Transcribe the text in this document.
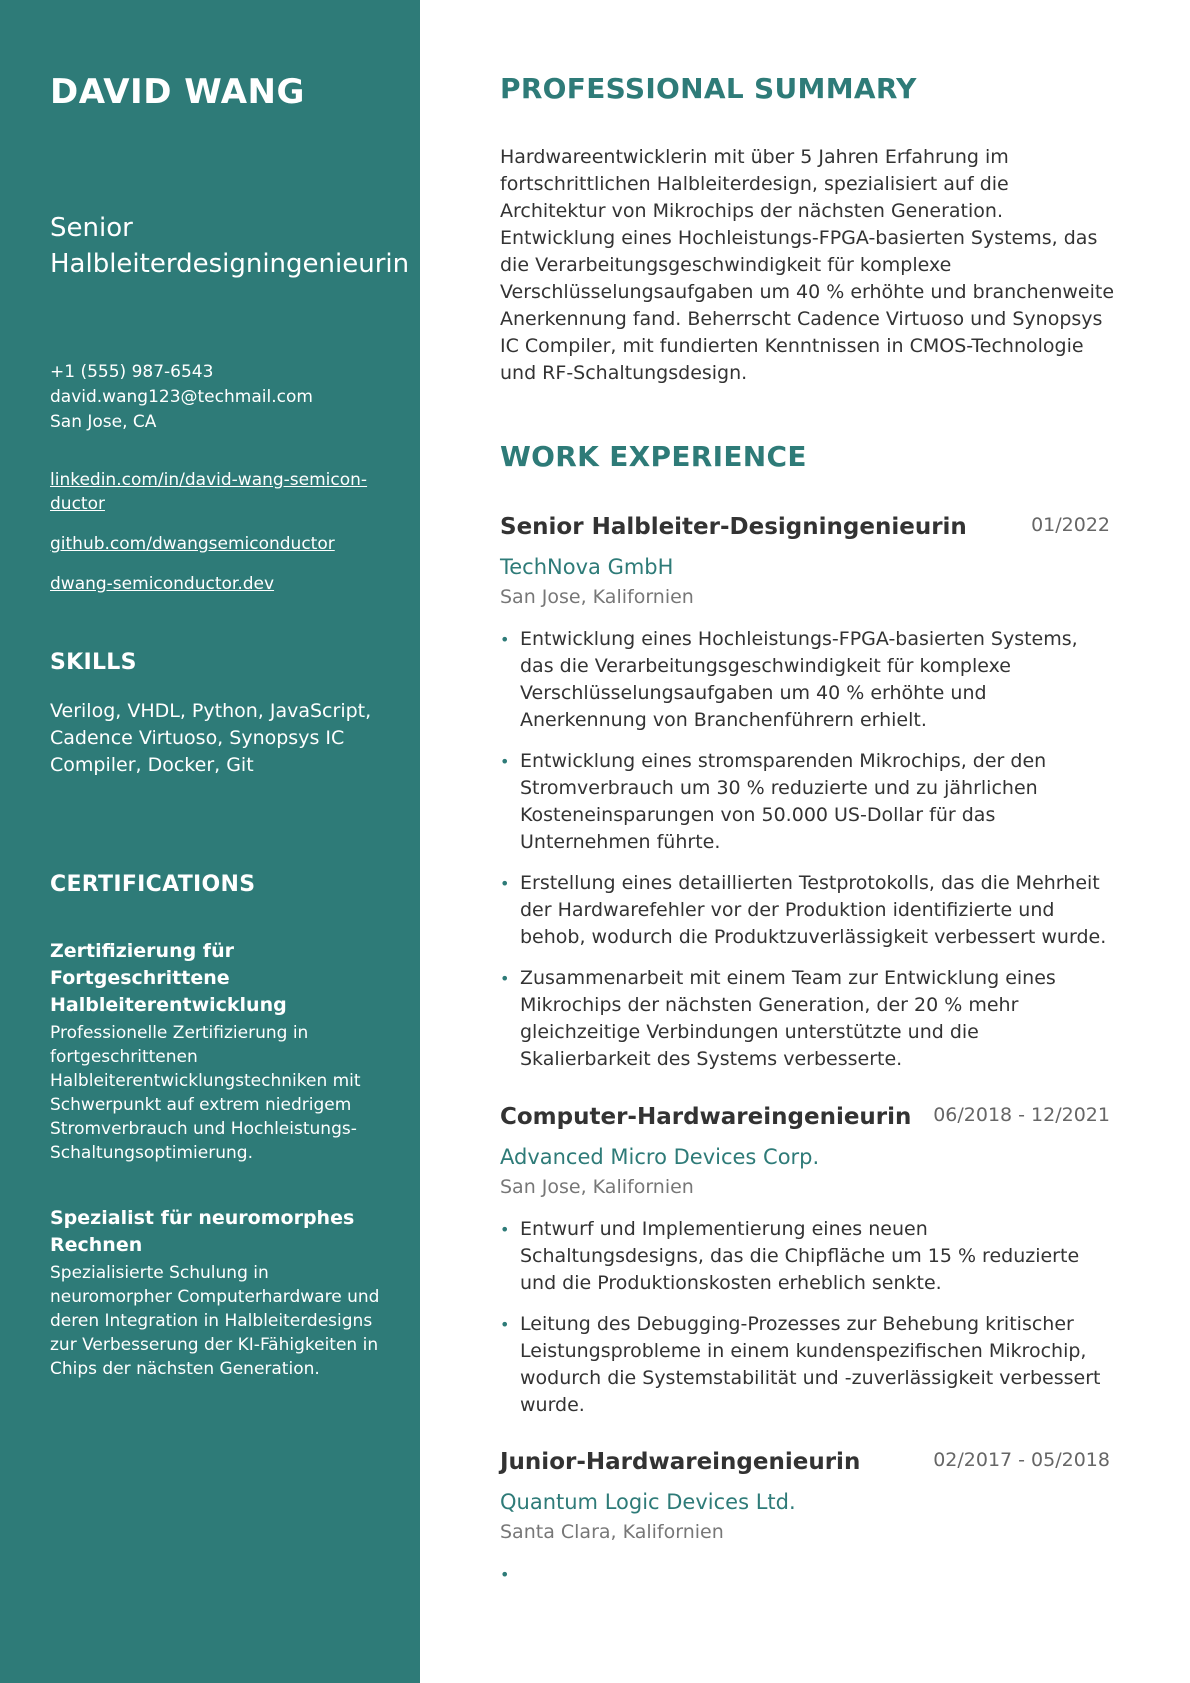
DAVID WANG
Senior Halbleiterdesigningenieurin
+1 (555) 987-6543
david.wang123@techmail.com
San Jose, CA
linkedin.com/in/david-wang-semicon-ductor
github.com/dwangsemiconductor
dwang-semiconductor.dev
SKILLS
Verilog, VHDL, Python, JavaScript, Cadence Virtuoso, Synopsys IC Compiler, Docker, Git
CERTIFICATIONS
Zertifizierung für Fortgeschrittene Halbleiterentwicklung
Professionelle Zertifizierung in fortgeschrittenen Halbleiterentwicklungstechniken mit Schwerpunkt auf extrem niedrigem Stromverbrauch und Hochleistungs-Schaltungsoptimierung.
Spezialist für neuromorphes Rechnen
Spezialisierte Schulung in neuromorpher Computerhardware und deren Integration in Halbleiterdesigns zur Verbesserung der KI-Fähigkeiten in Chips der nächsten Generation.
PROFESSIONAL SUMMARY
Hardwareentwicklerin mit über 5 Jahren Erfahrung im fortschrittlichen Halbleiterdesign, spezialisiert auf die Architektur von Mikrochips der nächsten Generation. Entwicklung eines Hochleistungs-FPGA-basierten Systems, das die Verarbeitungsgeschwindigkeit für komplexe Verschlüsselungsaufgaben um 40 % erhöhte und branchenweite Anerkennung fand. Beherrscht Cadence Virtuoso und Synopsys IC Compiler, mit fundierten Kenntnissen in CMOS-Technologie und RF-Schaltungsdesign.
WORK EXPERIENCE
Senior Halbleiter-Designingenieurin	01/2022
TechNova GmbH
San Jose, Kalifornien
• Entwicklung eines Hochleistungs-FPGA-basierten Systems, das die Verarbeitungsgeschwindigkeit für komplexe Verschlüsselungsaufgaben um 40 % erhöhte und Anerkennung von Branchenführern erhielt.
• Entwicklung eines stromsparenden Mikrochips, der den Stromverbrauch um 30 % reduzierte und zu jährlichen Kosteneinsparungen von 50.000 US-Dollar für das Unternehmen führte.
• Erstellung eines detaillierten Testprotokolls, das die Mehrheit der Hardwarefehler vor der Produktion identifizierte und behob, wodurch die Produktzuverlässigkeit verbessert wurde.
• Zusammenarbeit mit einem Team zur Entwicklung eines Mikrochips der nächsten Generation, der 20 % mehr gleichzeitige Verbindungen unterstützte und die Skalierbarkeit des Systems verbesserte.
Computer-Hardwareingenieurin	06/2018 - 12/2021
Advanced Micro Devices Corp.
San Jose, Kalifornien
• Entwurf und Implementierung eines neuen Schaltungsdesigns, das die Chipfläche um 15 % reduzierte und die Produktionskosten erheblich senkte.
• Leitung des Debugging-Prozesses zur Behebung kritischer Leistungsprobleme in einem kundenspezifischen Mikrochip, wodurch die Systemstabilität und -zuverlässigkeit verbessert wurde.
Junior-Hardwareingenieurin	02/2017 - 05/2018
Quantum Logic Devices Ltd.
Santa Clara, Kalifornien
•
